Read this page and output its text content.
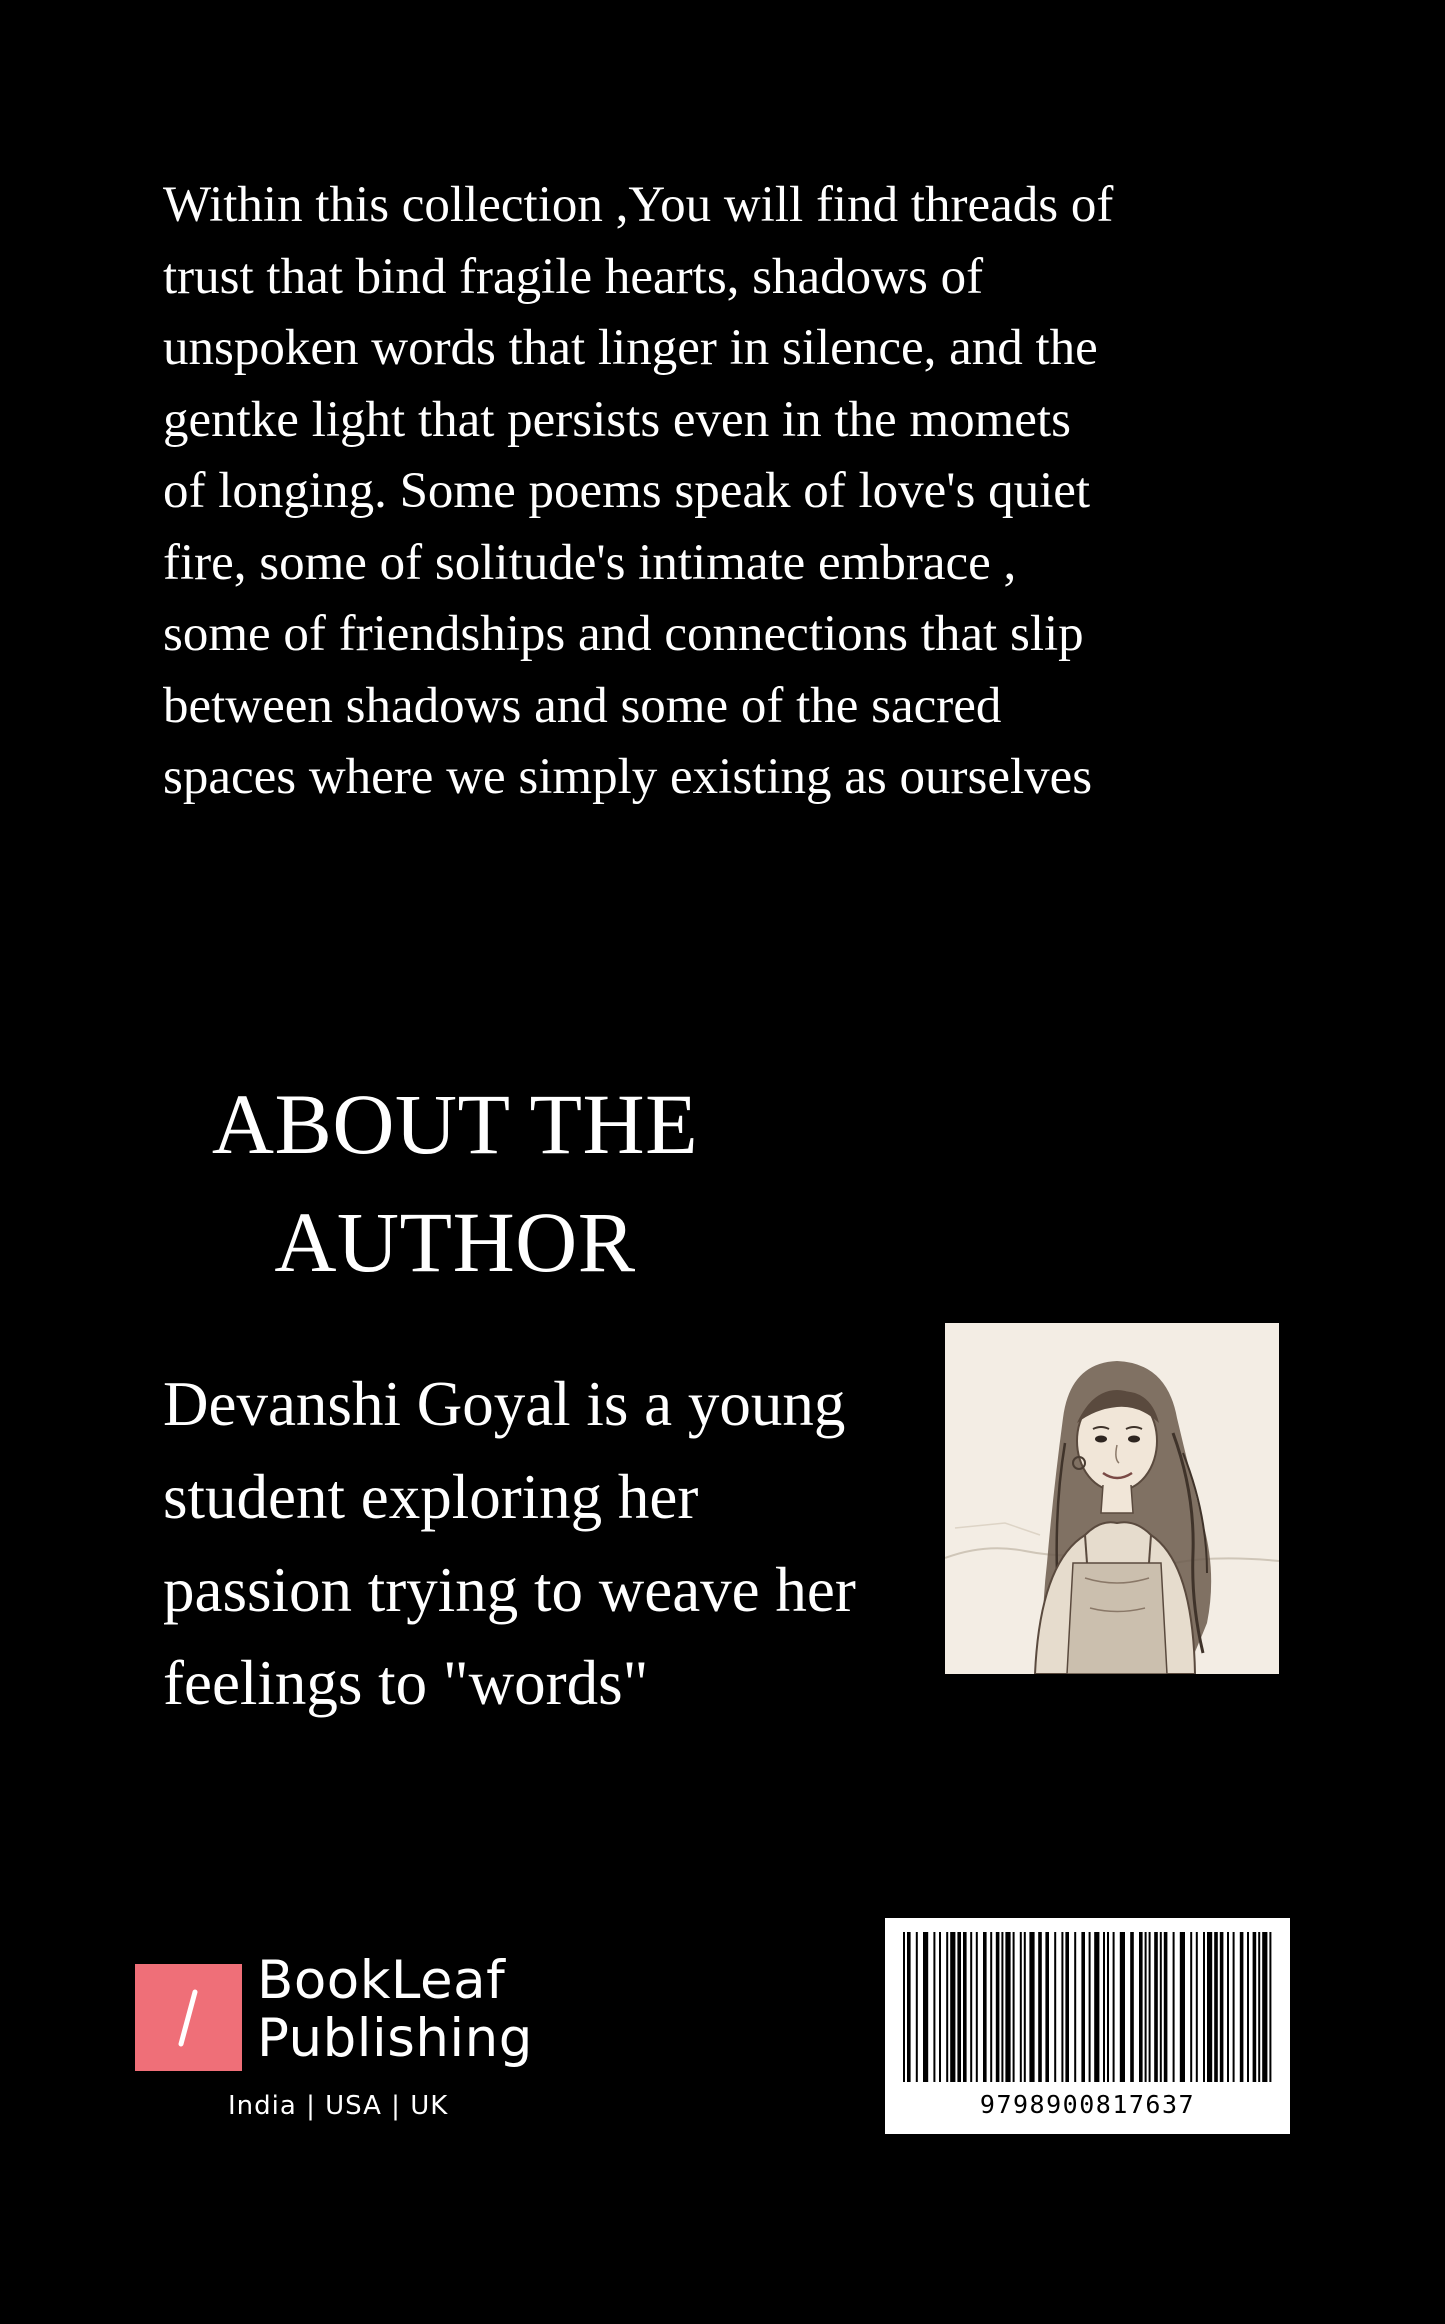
Within this collection ,You will find threads of
trust that bind fragile hearts, shadows of
unspoken words that linger in silence, and the
gentke light that persists even in the momets
of longing. Some poems speak of love's quiet
fire, some of solitude's intimate embrace ,
some of friendships and connections that slip
between shadows and some of the sacred
spaces where we simply existing as ourselves

ABOUT THE
AUTHOR

Devanshi Goyal is a young
student exploring her
passion trying to weave her
feelings to "words"

BookLeaf
Publishing
India | USA | UK	9798900817637
